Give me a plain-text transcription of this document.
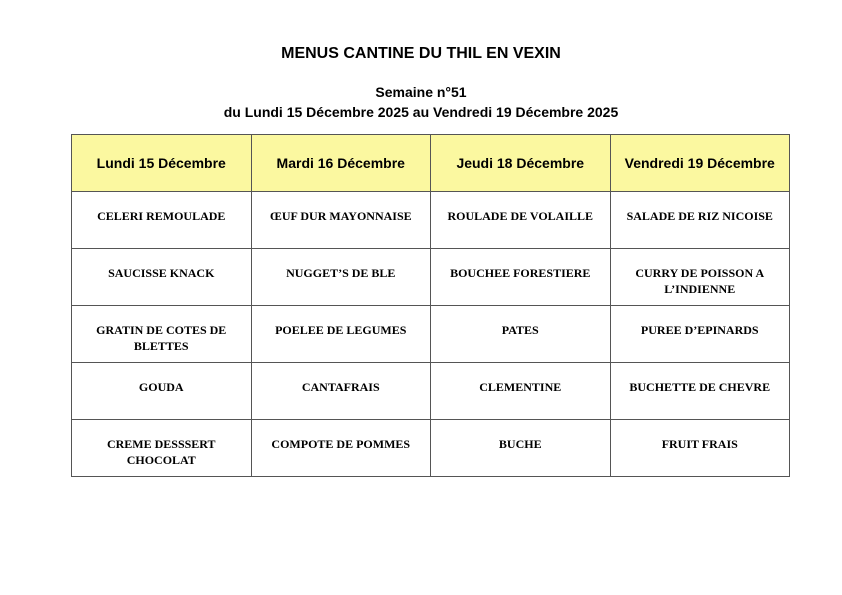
MENUS CANTINE DU THIL EN VEXIN
Semaine n°51
du Lundi 15 Décembre 2025 au Vendredi 19 Décembre 2025
Lundi 15 Décembre	Mardi 16 Décembre	Jeudi 18 Décembre	Vendredi 19 Décembre
CELERI REMOULADE	ŒUF DUR MAYONNAISE	ROULADE DE VOLAILLE	SALADE DE RIZ NICOISE
SAUCISSE KNACK	NUGGET’S DE BLE	BOUCHEE FORESTIERE	CURRY DE POISSON A L’INDIENNE
GRATIN DE COTES DE BLETTES	POELEE DE LEGUMES	PATES	PUREE D’EPINARDS
GOUDA	CANTAFRAIS	CLEMENTINE	BUCHETTE DE CHEVRE
CREME DESSSERT CHOCOLAT	COMPOTE DE POMMES	BUCHE	FRUIT FRAIS
